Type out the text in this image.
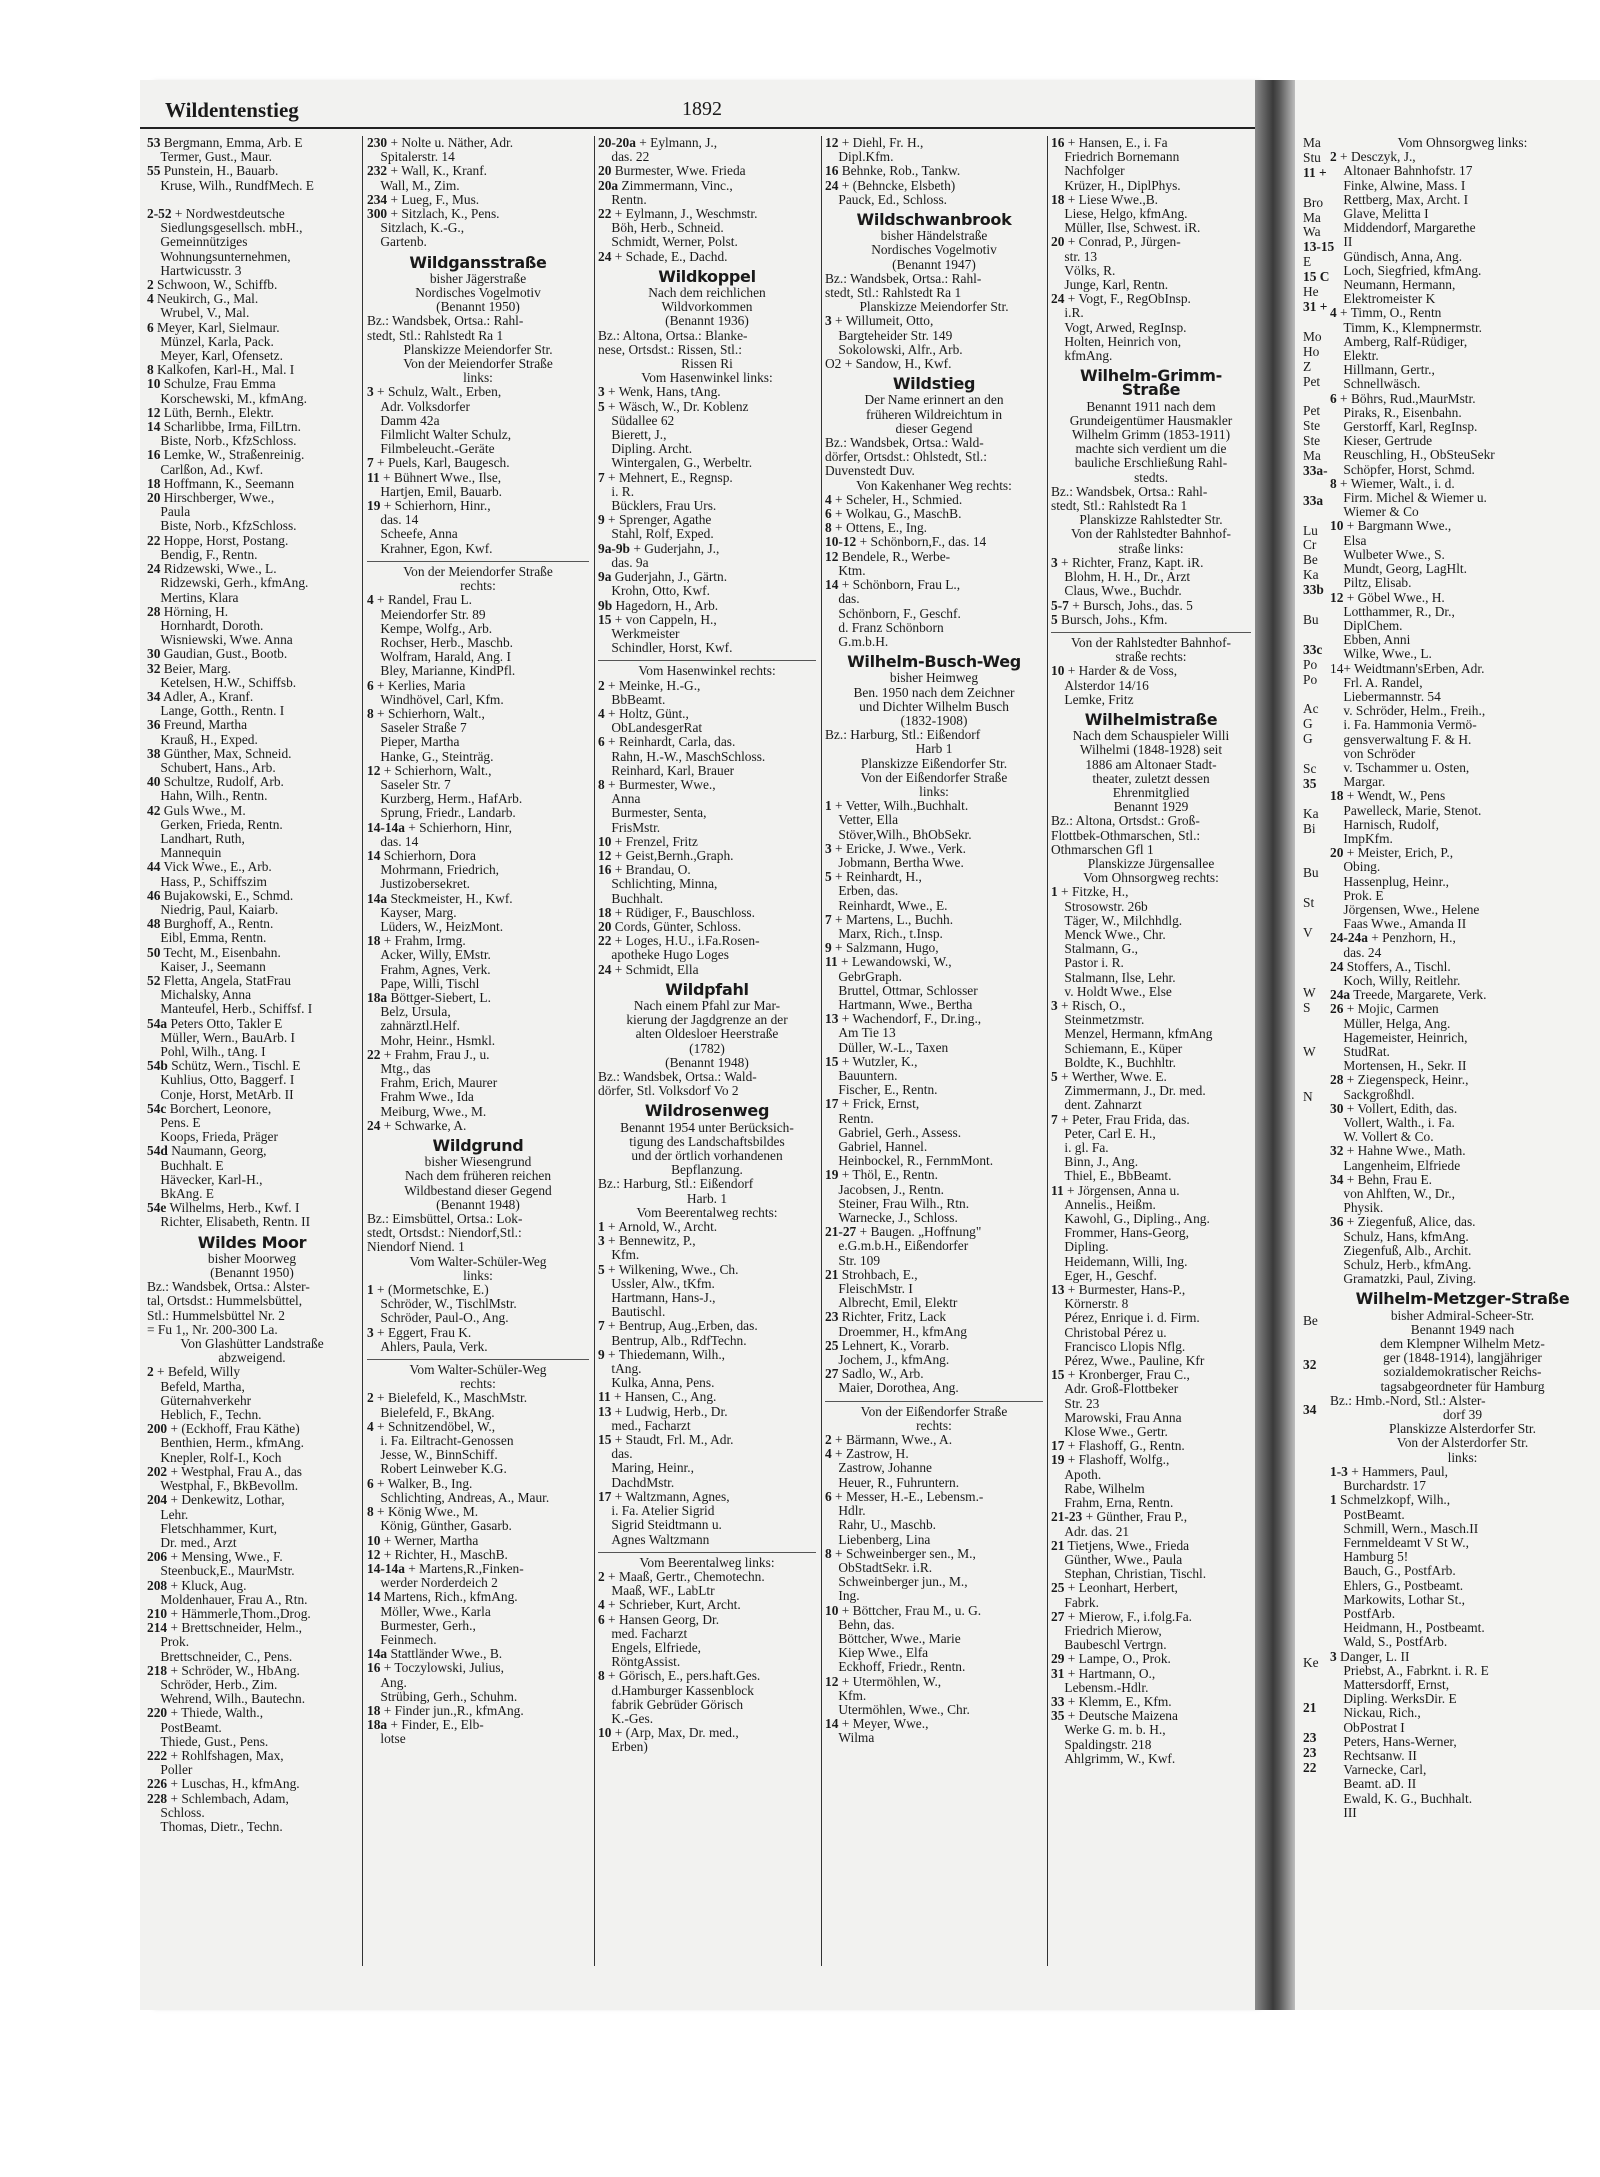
Ma
Stu
11 +

Bro
Ma
Wa
13-15
E
15 C
He
31 +

Mo
Ho
Z
Pet

Pet
Ste
Ste
Ma
33a-

33a

Lu
Cr
Be
Ka
33b

Bu

33c
Po
Po

Ac
G
G

Sc
35

Ka
Bi

Bu

St

V

W
S

W

N

Be

32

34

Ke

21

23
23
22
Wildentenstieg	1892
53 Bergmann, Emma, Arb. E
 Termer, Gust., Maur.
55 Punstein, H., Bauarb.
 Kruse, Wilh., RundfMech. E

2-52 + Nordwestdeutsche
 Siedlungsgesellsch. mbH.,
 Gemeinnütziges
 Wohnungsunternehmen,
 Hartwicusstr. 3
2 Schwoon, W., Schiffb.
4 Neukirch, G., Mal.
 Wrubel, V., Mal.
6 Meyer, Karl, Sielmaur.
 Münzel, Karla, Pack.
 Meyer, Karl, Ofensetz.
8 Kalkofen, Karl-H., Mal. I
10 Schulze, Frau Emma
 Korschewski, M., kfmAng.
12 Lüth, Bernh., Elektr.
14 Scharlibbe, Irma, FilLtrn.
 Biste, Norb., KfzSchloss.
16 Lemke, W., Straßenreinig.
 Carlßon, Ad., Kwf.
18 Hoffmann, K., Seemann
20 Hirschberger, Wwe.,
 Paula
 Biste, Norb., KfzSchloss.
22 Hoppe, Horst, Postang.
 Bendig, F., Rentn.
24 Ridzewski, Wwe., L.
 Ridzewski, Gerh., kfmAng.
 Mertins, Klara
28 Hörning, H.
 Hornhardt, Doroth.
 Wisniewski, Wwe. Anna
30 Gaudian, Gust., Bootb.
32 Beier, Marg.
 Ketelsen, H.W., Schiffsb.
34 Adler, A., Kranf.
 Lange, Gotth., Rentn. I
36 Freund, Martha
 Krauß, H., Exped.
38 Günther, Max, Schneid.
 Schubert, Hans., Arb.
40 Schultze, Rudolf, Arb.
 Hahn, Wilh., Rentn.
42 Guls Wwe., M.
 Gerken, Frieda, Rentn.
 Landhart, Ruth,
 Mannequin
44 Vick Wwe., E., Arb.
 Hass, P., Schiffszim
46 Bujakowski, E., Schmd.
 Niedrig, Paul, Kaiarb.
48 Burghoff, A., Rentn.
 Eibl, Emma, Rentn.
50 Techt, M., Eisenbahn.
 Kaiser, J., Seemann
52 Fletta, Angela, StatFrau
 Michalsky, Anna
 Manteufel, Herb., Schiffsf. I
54a Peters Otto, Takler E
 Müller, Wern., BauArb. I
 Pohl, Wilh., tAng. I
54b Schütz, Wern., Tischl. E
 Kuhlius, Otto, Baggerf. I
 Conje, Horst, MetArb. II
54c Borchert, Leonore,
 Pens. E
 Koops, Frieda, Präger
54d Naumann, Georg,
 Buchhalt. E
 Hävecker, Karl-H.,
 BkAng. E
54e Wilhelms, Herb., Kwf. I
 Richter, Elisabeth, Rentn. II
Wildes Moor
bisher Moorweg
(Benannt 1950)
Bz.: Wandsbek, Ortsa.: Alster-
tal, Ortsdst.: Hummelsbüttel,
Stl.: Hummelsbüttel Nr. 2
= Fu 1,, Nr. 200-300 La.
Von Glashütter Landstraße
abzweigend.
2 + Befeld, Willy
 Befeld, Martha,
 Güternahverkehr
 Heblich, F., Techn.
200 + (Eckhoff, Frau Käthe)
 Benthien, Herm., kfmAng.
 Knepler, Rolf-I., Koch
202 + Westphal, Frau A., das
 Westphal, F., BkBevollm.
204 + Denkewitz, Lothar,
 Lehr.
 Fletschhammer, Kurt,
 Dr. med., Arzt
206 + Mensing, Wwe., F.
 Steenbuck,E., MaurMstr.
208 + Kluck, Aug.
 Moldenhauer, Frau A., Rtn.
210 + Hämmerle,Thom.,Drog.
214 + Brettschneider, Helm.,
 Prok.
 Brettschneider, C., Pens.
218 + Schröder, W., HbAng.
 Schröder, Herb., Zim.
 Wehrend, Wilh., Bautechn.
220 + Thiede, Walth.,
 PostBeamt.
 Thiede, Gust., Pens.
222 + Rohlfshagen, Max,
 Poller
226 + Luschas, H., kfmAng.
228 + Schlembach, Adam,
 Schloss.
 Thomas, Dietr., Techn.
230 + Nolte u. Näther, Adr.
 Spitalerstr. 14
232 + Wall, K., Kranf.
 Wall, M., Zim.
234 + Lueg, F., Mus.
300 + Sitzlach, K., Pens.
 Sitzlach, K.-G.,
 Gartenb.
Wildgansstraße
bisher Jägerstraße
Nordisches Vogelmotiv
(Benannt 1950)
Bz.: Wandsbek, Ortsa.: Rahl-
stedt, Stl.: Rahlstedt Ra 1
Planskizze Meiendorfer Str.
Von der Meiendorfer Straße
links:
3 + Schulz, Walt., Erben,
 Adr. Volksdorfer
 Damm 42a
 Filmlicht Walter Schulz,
 Filmbeleucht.-Geräte
7 + Puels, Karl, Baugesch.
11 + Bühnert Wwe., Ilse,
 Hartjen, Emil, Bauarb.
19 + Schierhorn, Hinr.,
 das. 14
 Scheefe, Anna
 Krahner, Egon, Kwf.
Von der Meiendorfer Straße
rechts:
4 + Randel, Frau L.
 Meiendorfer Str. 89
 Kempe, Wolfg., Arb.
 Rochser, Herb., Maschb.
 Wolfram, Harald, Ang. I
 Bley, Marianne, KindPfl.
6 + Kerlies, Maria
 Windhövel, Carl, Kfm.
8 + Schierhorn, Walt.,
 Saseler Straße 7
 Pieper, Martha
 Hanke, G., Steinträg.
12 + Schierhorn, Walt.,
 Saseler Str. 7
 Kurzberg, Herm., HafArb.
 Sprung, Friedr., Landarb.
14-14a + Schierhorn, Hinr,
 das. 14
14 Schierhorn, Dora
 Mohrmann, Friedrich,
 Justizobersekret.
14a Steckmeister, H., Kwf.
 Kayser, Marg.
 Lüders, W., HeizMont.
18 + Frahm, Irmg.
 Acker, Willy, EMstr.
 Frahm, Agnes, Verk.
 Pape, Willi, Tischl
18a Böttger-Siebert, L.
 Belz, Ursula,
 zahnärztl.Helf.
 Mohr, Heinr., Hsmkl.
22 + Frahm, Frau J., u.
 Mtg., das
 Frahm, Erich, Maurer
 Frahm Wwe., Ida
 Meiburg, Wwe., M.
24 + Schwarke, A.
Wildgrund
bisher Wiesengrund
Nach dem früheren reichen
Wildbestand dieser Gegend
(Benannt 1948)
Bz.: Eimsbüttel, Ortsa.: Lok-
stedt, Ortsdst.: Niendorf,Stl.:
Niendorf Niend. 1
Vom Walter-Schüler-Weg
links:
1 + (Mormetschke, E.)
 Schröder, W., TischlMstr.
 Schröder, Paul-O., Ang.
3 + Eggert, Frau K.
 Ahlers, Paula, Verk.
Vom Walter-Schüler-Weg
rechts:
2 + Bielefeld, K., MaschMstr.
 Bielefeld, F., BkAng.
4 + Schnitzendöbel, W.,
 i. Fa. Eiltracht-Genossen
 Jesse, W., BinnSchiff.
 Robert Leinweber K.G.
6 + Walker, B., Ing.
 Schlichting, Andreas, A., Maur.
8 + König Wwe., M.
 König, Günther, Gasarb.
10 + Werner, Martha
12 + Richter, H., MaschB.
14-14a + Martens,R.,Finken-
 werder Norderdeich 2
14 Martens, Rich., kfmAng.
 Möller, Wwe., Karla
 Burmester, Gerh.,
 Feinmech.
14a Stattländer Wwe., B.
16 + Toczylowski, Julius,
 Ang.
 Strübing, Gerh., Schuhm.
18 + Finder jun.,R., kfmAng.
18a + Finder, E., Elb-
 lotse
20-20a + Eylmann, J.,
 das. 22
20 Burmester, Wwe. Frieda
20a Zimmermann, Vinc.,
 Rentn.
22 + Eylmann, J., Weschmstr.
 Böh, Herb., Schneid.
 Schmidt, Werner, Polst.
24 + Schade, E., Dachd.
Wildkoppel
Nach dem reichlichen
Wildvorkommen
(Benannt 1936)
Bz.: Altona, Ortsa.: Blanke-
nese, Ortsdst.: Rissen, Stl.:
Rissen Ri
Vom Hasenwinkel links:
3 + Wenk, Hans, tAng.
5 + Wäsch, W., Dr. Koblenz
 Südallee 62
 Bierett, J.,
 Dipling. Archt.
 Wintergalen, G., Werbeltr.
7 + Mehnert, E., Regnsp.
 i. R.
 Bücklers, Frau Urs.
9 + Sprenger, Agathe
 Stahl, Rolf, Exped.
9a-9b + Guderjahn, J.,
 das. 9a
9a Guderjahn, J., Gärtn.
 Krohn, Otto, Kwf.
9b Hagedorn, H., Arb.
15 + von Cappeln, H.,
 Werkmeister
 Schindler, Horst, Kwf.
Vom Hasenwinkel rechts:
2 + Meinke, H.-G.,
 BbBeamt.
4 + Holtz, Günt.,
 ObLandesgerRat
6 + Reinhardt, Carla, das.
 Rahn, H.-W., MaschSchloss.
 Reinhard, Karl, Brauer
8 + Burmester, Wwe.,
 Anna
 Burmester, Senta,
 FrisMstr.
10 + Frenzel, Fritz
12 + Geist,Bernh.,Graph.
16 + Brandau, O.
 Schlichting, Minna,
 Buchhalt.
18 + Rüdiger, F., Bauschloss.
20 Cords, Günter, Schloss.
22 + Loges, H.U., i.Fa.Rosen-
 apotheke Hugo Loges
24 + Schmidt, Ella
Wildpfahl
Nach einem Pfahl zur Mar-
kierung der Jagdgrenze an der
alten Oldesloer Heerstraße
(1782)
(Benannt 1948)
Bz.: Wandsbek, Ortsa.: Wald-
dörfer, Stl. Volksdorf Vo 2
Wildrosenweg
Benannt 1954 unter Berücksich-
tigung des Landschaftsbildes
und der örtlich vorhandenen
Bepflanzung.
Bz.: Harburg, Stl.: Eißendorf
Harb. 1
Vom Beerentalweg rechts:
1 + Arnold, W., Archt.
3 + Bennewitz, P.,
 Kfm.
5 + Wilkening, Wwe., Ch.
 Ussler, Alw., tKfm.
 Hartmann, Hans-J.,
 Bautischl.
7 + Bentrup, Aug.,Erben, das.
 Bentrup, Alb., RdfTechn.
9 + Thiedemann, Wilh.,
 tAng.
 Kulka, Anna, Pens.
11 + Hansen, C., Ang.
13 + Ludwig, Herb., Dr.
 med., Facharzt
15 + Staudt, Frl. M., Adr.
 das.
 Maring, Heinr.,
 DachdMstr.
17 + Waltzmann, Agnes,
 i. Fa. Atelier Sigrid
 Sigrid Steidtmann u.
 Agnes Waltzmann
Vom Beerentalweg links:
2 + Maaß, Gertr., Chemotechn.
 Maaß, WF., LabLtr
4 + Schrieber, Kurt, Archt.
6 + Hansen Georg, Dr.
 med. Facharzt
 Engels, Elfriede,
 RöntgAssist.
8 + Görisch, E., pers.haft.Ges.
 d.Hamburger Kassenblock
 fabrik Gebrüder Görisch
 K.-Ges.
10 + (Arp, Max, Dr. med.,
 Erben)
12 + Diehl, Fr. H.,
 Dipl.Kfm.
16 Behnke, Rob., Tankw.
24 + (Behncke, Elsbeth)
 Pauck, Ed., Schloss.
Wildschwanbrook
bisher Händelstraße
Nordisches Vogelmotiv
(Benannt 1947)
Bz.: Wandsbek, Ortsa.: Rahl-
stedt, Stl.: Rahlstedt Ra 1
Planskizze Meiendorfer Str.
3 + Willumeit, Otto,
 Bargteheider Str. 149
 Sokolowski, Alfr., Arb.
O2 + Sandow, H., Kwf.
Wildstieg
Der Name erinnert an den
früheren Wildreichtum in
dieser Gegend
Bz.: Wandsbek, Ortsa.: Wald-
dörfer, Ortsdst.: Ohlstedt, Stl.:
Duvenstedt Duv.
Von Kakenhaner Weg rechts:
4 + Scheler, H., Schmied.
6 + Wolkau, G., MaschB.
8 + Ottens, E., Ing.
10-12 + Schönborn,F., das. 14
12 Bendele, R., Werbe-
 Ktm.
14 + Schönborn, Frau L.,
 das.
 Schönborn, F., Geschf.
 d. Franz Schönborn
 G.m.b.H.
Wilhelm-Busch-Weg
bisher Heimweg
Ben. 1950 nach dem Zeichner
und Dichter Wilhelm Busch
(1832-1908)
Bz.: Harburg, Stl.: Eißendorf
Harb 1
Planskizze Eißendorfer Str.
Von der Eißendorfer Straße
links:
1 + Vetter, Wilh.,Buchhalt.
 Vetter, Ella
 Stöver,Wilh., BhObSekr.
3 + Ericke, J. Wwe., Verk.
 Jobmann, Bertha Wwe.
5 + Reinhardt, H.,
 Erben, das.
 Reinhardt, Wwe., E.
7 + Martens, L., Buchh.
 Marx, Rich., t.Insp.
9 + Salzmann, Hugo,
11 + Lewandowski, W.,
 GebrGraph.
 Bruttel, Ottmar, Schlosser
 Hartmann, Wwe., Bertha
13 + Wachendorf, F., Dr.ing.,
 Am Tie 13
 Düller, W.-L., Taxen
15 + Wutzler, K.,
 Bauuntern.
 Fischer, E., Rentn.
17 + Frick, Ernst,
 Rentn.
 Gabriel, Gerh., Assess.
 Gabriel, Hannel.
 Heinbockel, R., FernmMont.
19 + Thöl, E., Rentn.
 Jacobsen, J., Rentn.
 Steiner, Frau Wilh., Rtn.
 Warnecke, J., Schloss.
21-27 + Baugen. „Hoffnung"
 e.G.m.b.H., Eißendorfer
 Str. 109
21 Strohbach, E.,
 FleischMstr. I
 Albrecht, Emil, Elektr
23 Richter, Fritz, Lack
 Droemmer, H., kfmAng
25 Lehnert, K., Vorarb.
 Jochem, J., kfmAng.
27 Sadlo, W., Arb.
 Maier, Dorothea, Ang.
Von der Eißendorfer Straße
rechts:
2 + Bärmann, Wwe., A.
4 + Zastrow, H.
 Zastrow, Johanne
 Heuer, R., Fuhruntern.
6 + Messer, H.-E., Lebensm.-
 Hdlr.
 Rahr, U., Maschb.
 Liebenberg, Lina
8 + Schweinberger sen., M.,
 ObStadtSekr. i.R.
 Schweinberger jun., M.,
 Ing.
10 + Böttcher, Frau M., u. G.
 Behn, das.
 Böttcher, Wwe., Marie
 Kiep Wwe., Elfa
 Eckhoff, Friedr., Rentn.
12 + Utermöhlen, W.,
 Kfm.
 Utermöhlen, Wwe., Chr.
14 + Meyer, Wwe.,
 Wilma
16 + Hansen, E., i. Fa
 Friedrich Bornemann
 Nachfolger
 Krüzer, H., DiplPhys.
18 + Liese Wwe.,B.
 Liese, Helgo, kfmAng.
 Müller, Ilse, Schwest. iR.
20 + Conrad, P., Jürgen-
 str. 13
 Völks, R.
 Junge, Karl, Rentn.
24 + Vogt, F., RegObInsp.
 i.R.
 Vogt, Arwed, RegInsp.
 Holten, Heinrich von,
 kfmAng.
Wilhelm-Grimm-Straße
Benannt 1911 nach dem
Grundeigentümer Hausmakler
Wilhelm Grimm (1853-1911)
machte sich verdient um die
bauliche Erschließung Rahl-
stedts.
Bz.: Wandsbek, Ortsa.: Rahl-
stedt, Stl.: Rahlstedt Ra 1
Planskizze Rahlstedter Str.
Von der Rahlstedter Bahnhof-
straße links:
3 + Richter, Franz, Kapt. iR.
 Blohm, H. H., Dr., Arzt
 Claus, Wwe., Buchdr.
5-7 + Bursch, Johs., das. 5
5 Bursch, Johs., Kfm.
Von der Rahlstedter Bahnhof-
straße rechts:
10 + Harder & de Voss,
 Alsterdor 14/16
 Lemke, Fritz
Wilhelmistraße
Nach dem Schauspieler Willi
Wilhelmi (1848-1928) seit
1886 am Altonaer Stadt-
theater, zuletzt dessen
Ehrenmitglied
Benannt 1929
Bz.: Altona, Ortsdst.: Groß-
Flottbek-Othmarschen, Stl.:
Othmarschen Gfl 1
Planskizze Jürgensallee
Vom Ohnsorgweg rechts:
1 + Fitzke, H.,
 Strosowstr. 26b
 Täger, W., Milchhdlg.
 Menck Wwe., Chr.
 Stalmann, G.,
 Pastor i. R.
 Stalmann, Ilse, Lehr.
 v. Holdt Wwe., Else
3 + Risch, O.,
 Steinmetzmstr.
 Menzel, Hermann, kfmAng
 Schiemann, E., Küper
 Boldte, K., Buchhltr.
5 + Werther, Wwe. E.
 Zimmermann, J., Dr. med.
 dent. Zahnarzt
7 + Peter, Frau Frida, das.
 Peter, Carl E. H.,
 i. gl. Fa.
 Binn, J., Ang.
 Thiel, E., BbBeamt.
11 + Jörgensen, Anna u.
 Annelis., Heißm.
 Kawohl, G., Dipling., Ang.
 Frommer, Hans-Georg,
 Dipling.
 Heidemann, Willi, Ing.
 Eger, H., Geschf.
13 + Burmester, Hans-P.,
 Körnerstr. 8
 Pérez, Enrique i. d. Firm.
 Christobal Pérez u.
 Francisco Llopis Nflg.
 Pérez, Wwe., Pauline, Kfr
15 + Kronberger, Frau C.,
 Adr. Groß-Flottbeker
 Str. 23
 Marowski, Frau Anna
 Klose Wwe., Gertr.
17 + Flashoff, G., Rentn.
19 + Flashoff, Wolfg.,
 Apoth.
 Rabe, Wilhelm
 Frahm, Erna, Rentn.
21-23 + Günther, Frau P.,
 Adr. das. 21
21 Tietjens, Wwe., Frieda
 Günther, Wwe., Paula
 Stephan, Christian, Tischl.
25 + Leonhart, Herbert,
 Fabrk.
27 + Mierow, F., i.folg.Fa.
 Friedrich Mierow,
 Baubeschl Vertrgn.
29 + Lampe, O., Prok.
31 + Hartmann, O.,
 Lebensm.-Hdlr.
33 + Klemm, E., Kfm.
35 + Deutsche Maizena
 Werke G. m. b. H.,
 Spaldingstr. 218
 Ahlgrimm, W., Kwf.
Vom Ohnsorgweg links:
2 + Desczyk, J.,
 Altonaer Bahnhofstr. 17
 Finke, Alwine, Mass. I
 Rettberg, Max, Archt. I
 Glave, Melitta I
 Middendorf, Margarethe
 II
 Gündisch, Anna, Ang.
 Loch, Siegfried, kfmAng.
 Neumann, Hermann,
 Elektromeister K
4 + Timm, O., Rentn
 Timm, K., Klempnermstr.
 Amberg, Ralf-Rüdiger,
 Elektr.
 Hillmann, Gertr.,
 Schnellwäsch.
6 + Böhrs, Rud.,MaurMstr.
 Piraks, R., Eisenbahn.
 Gerstorff, Karl, RegInsp.
 Kieser, Gertrude
 Reuschling, H., ObSteuSekr
 Schöpfer, Horst, Schmd.
8 + Wiemer, Walt., i. d.
 Firm. Michel & Wiemer u.
 Wiemer & Co
10 + Bargmann Wwe.,
 Elsa
 Wulbeter Wwe., S.
 Mundt, Georg, LagHlt.
 Piltz, Elisab.
12 + Göbel Wwe., H.
 Lotthammer, R., Dr.,
 DiplChem.
 Ebben, Anni
 Wilke, Wwe., L.
14+ Weidtmann'sErben, Adr.
 Frl. A. Randel,
 Liebermannstr. 54
 v. Schröder, Helm., Freih.,
 i. Fa. Hammonia Vermö-
 gensverwaltung F. & H.
 von Schröder
 v. Tschammer u. Osten,
 Margar.
18 + Wendt, W., Pens
 Pawelleck, Marie, Stenot.
 Harnisch, Rudolf,
 ImpKfm.
20 + Meister, Erich, P.,
 Obing.
 Hassenplug, Heinr.,
 Prok. E
 Jörgensen, Wwe., Helene
 Faas Wwe., Amanda II
24-24a + Penzhorn, H.,
 das. 24
24 Stoffers, A., Tischl.
 Koch, Willy, Reitlehr.
24a Treede, Margarete, Verk.
26 + Mojic, Carmen
 Müller, Helga, Ang.
 Hagemeister, Heinrich,
 StudRat.
 Mortensen, H., Sekr. II
28 + Ziegenspeck, Heinr.,
 Sackgroßhdl.
30 + Vollert, Edith, das.
 Vollert, Walth., i. Fa.
 W. Vollert & Co.
32 + Hahne Wwe., Math.
 Langenheim, Elfriede
34 + Behn, Frau E.
 von Ahlften, W., Dr.,
 Physik.
36 + Ziegenfuß, Alice, das.
 Schulz, Hans, kfmAng.
 Ziegenfuß, Alb., Archit.
 Schulz, Herb., kfmAng.
 Gramatzki, Paul, Ziving.
Wilhelm-Metzger-Straße
bisher Admiral-Scheer-Str.
Benannt 1949 nach
dem Klempner Wilhelm Metz-
ger (1848-1914), langjähriger
sozialdemokratischer Reichs-
tagsabgeordneter für Hamburg
Bz.: Hmb.-Nord, Stl.: Alster-
dorf 39
Planskizze Alsterdorfer Str.
Von der Alsterdorfer Str.
links:
1-3 + Hammers, Paul,
 Burchardstr. 17
1 Schmelzkopf, Wilh.,
 PostBeamt.
 Schmill, Wern., Masch.II
 Fernmeldeamt V St W.,
 Hamburg 5!
 Bauch, G., PostfArb.
 Ehlers, G., Postbeamt.
 Markowits, Lothar St.,
 PostfArb.
 Heidmann, H., Postbeamt.
 Wald, S., PostfArb.
3 Danger, L. II
 Priebst, A., Fabrknt. i. R. E
 Mattersdorff, Ernst,
 Dipling. WerksDir. E
 Nickau, Rich.,
 ObPostrat I
 Peters, Hans-Werner,
 Rechtsanw. II
 Varnecke, Carl,
 Beamt. aD. II
 Ewald, K. G., Buchhalt.
 III
